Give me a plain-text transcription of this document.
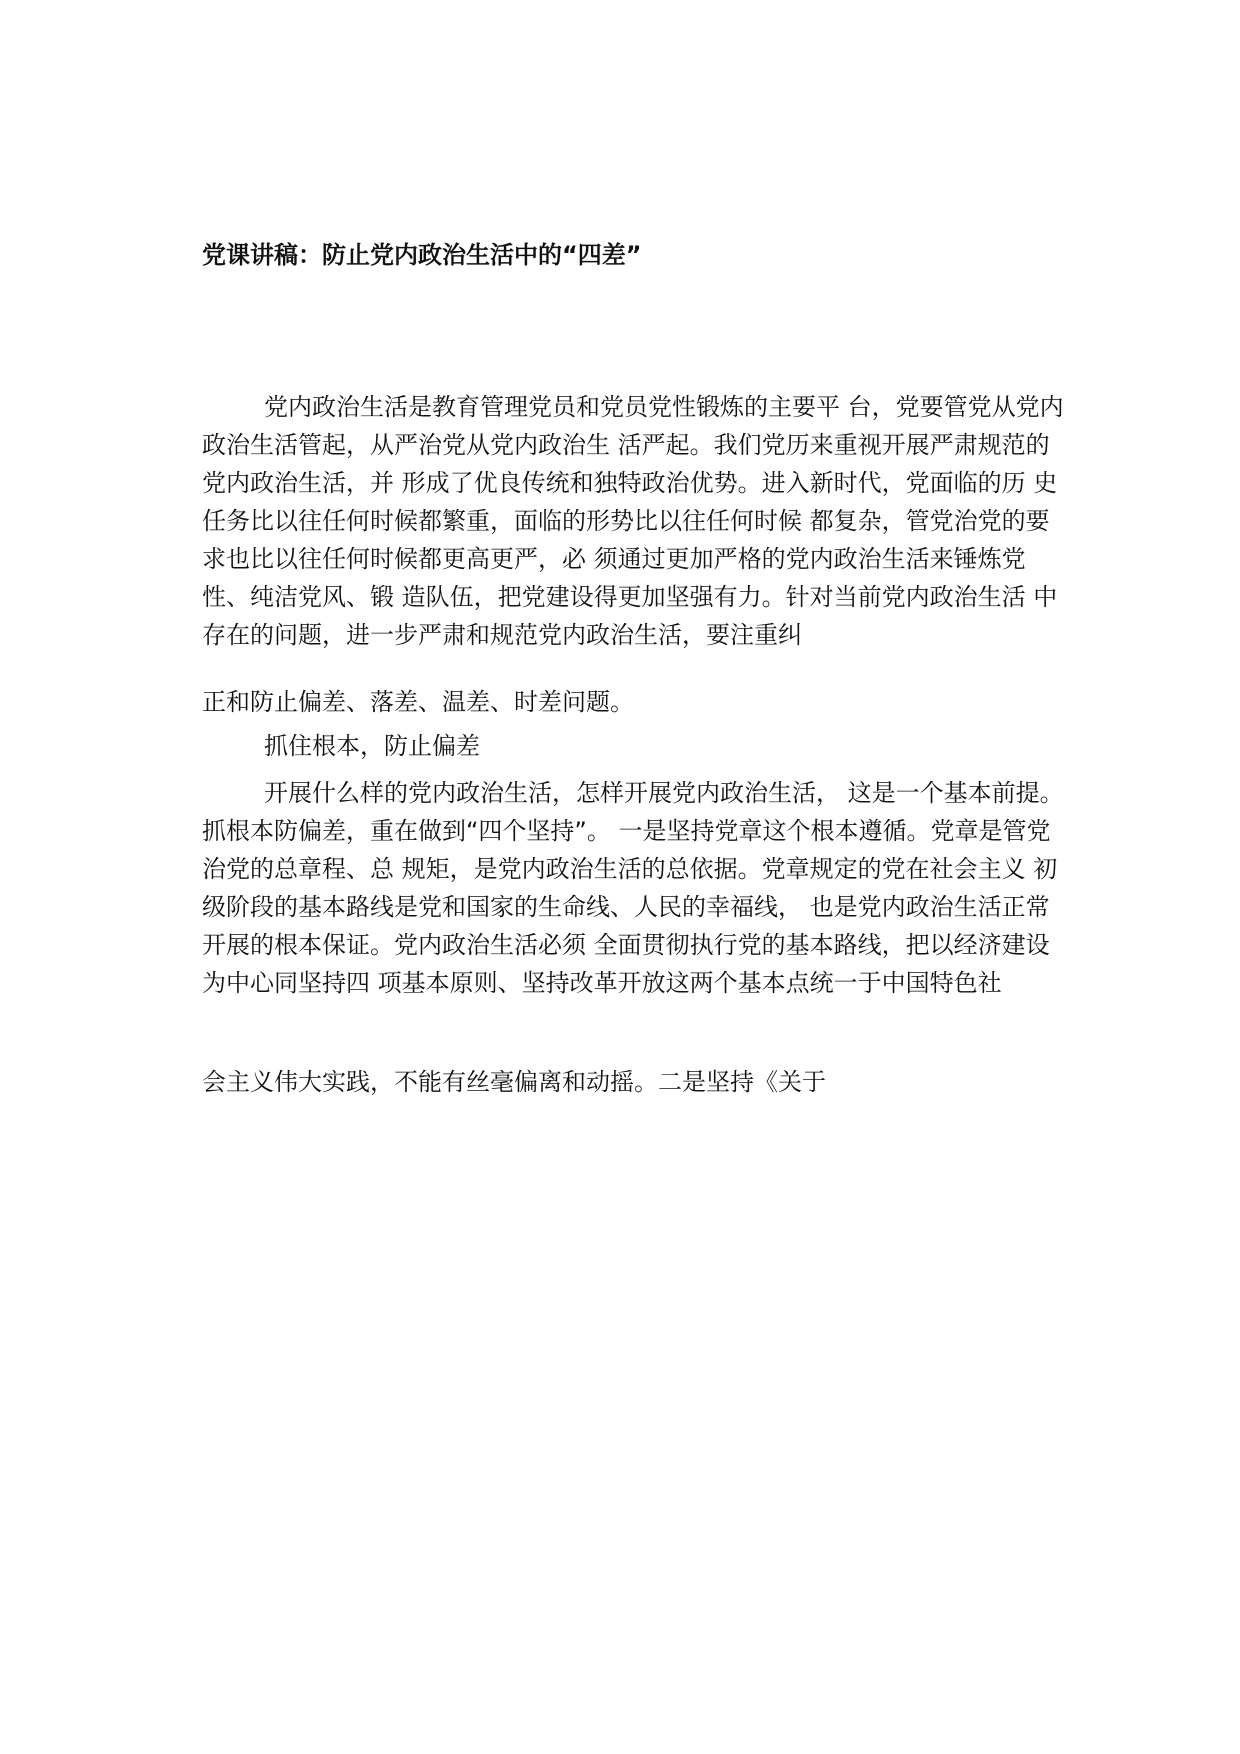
党课讲稿：防止党内政治生活中的“四差”

党内政治生活是教育管理党员和党员党性锻炼的主要平 台，党要管党从党内政治生活管起，从严治党从党内政治生 活严起。我们党历来重视开展严肃规范的党内政治生活，并 形成了优良传统和独特政治优势。进入新时代，党面临的历 史任务比以往任何时候都繁重，面临的形势比以往任何时候 都复杂，管党治党的要求也比以往任何时候都更高更严，必 须通过更加严格的党内政治生活来锤炼党性、纯洁党风、锻 造队伍，把党建设得更加坚强有力。针对当前党内政治生活 中存在的问题，进一步严肃和规范党内政治生活，要注重纠

正和防止偏差、落差、温差、时差问题。

抓住根本，防止偏差

开展什么样的党内政治生活，怎样开展党内政治生活， 这是一个基本前提。抓根本防偏差，重在做到“四个坚持”。 一是坚持党章这个根本遵循。党章是管党治党的总章程、总 规矩，是党内政治生活的总依据。党章规定的党在社会主义 初级阶段的基本路线是党和国家的生命线、人民的幸福线， 也是党内政治生活正常开展的根本保证。党内政治生活必须 全面贯彻执行党的基本路线，把以经济建设为中心同坚持四 项基本原则、坚持改革开放这两个基本点统一于中国特色社

会主义伟大实践，不能有丝毫偏离和动摇。二是坚持《关于
